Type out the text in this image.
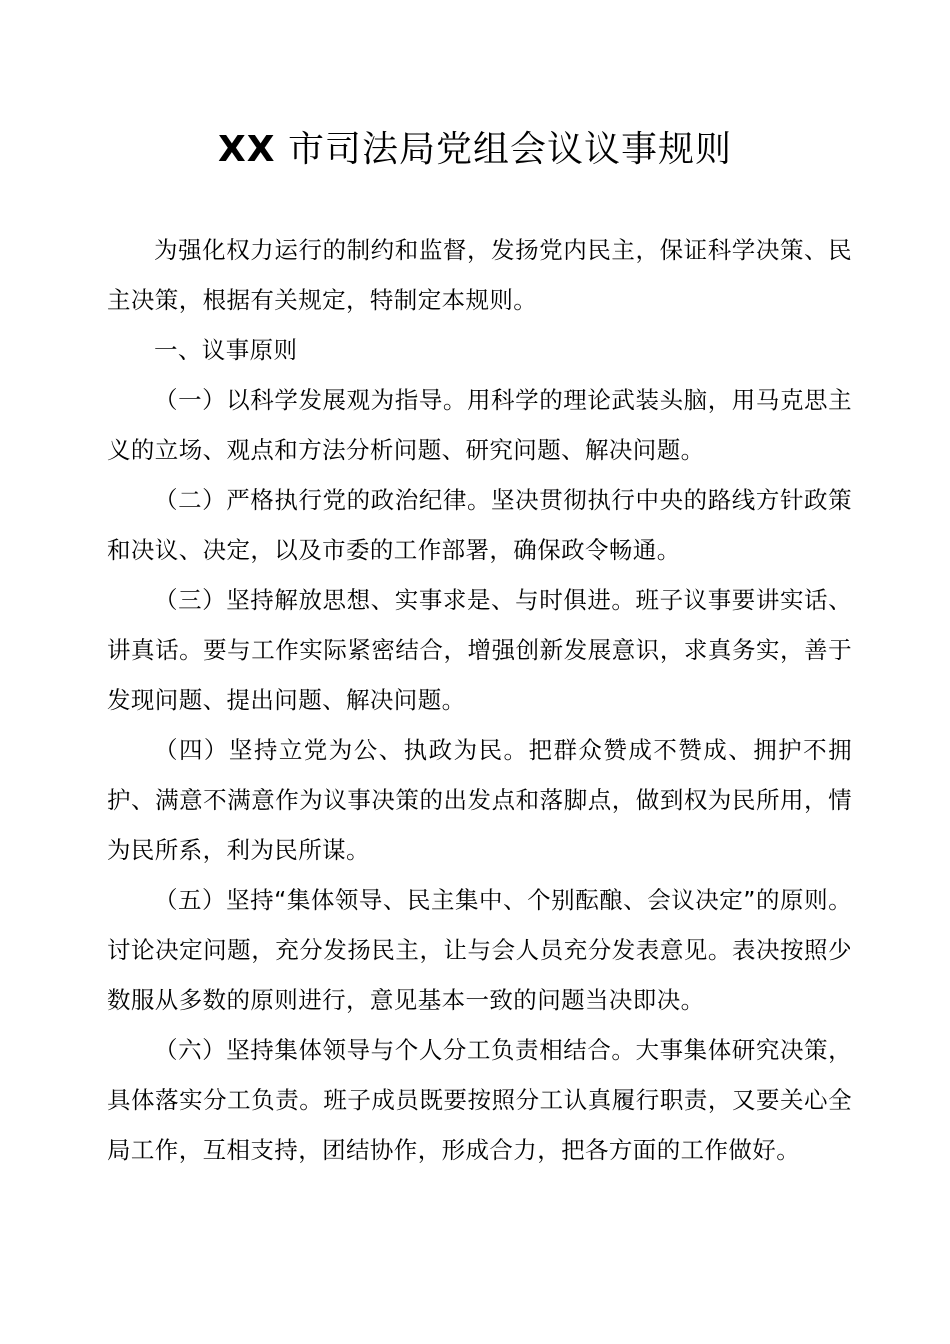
XX 市司法局党组会议议事规则

为强化权力运行的制约和监督，发扬党内民主，保证科学决策、民主决策，根据有关规定，特制定本规则。

一、议事原则

（一）以科学发展观为指导。用科学的理论武装头脑，用马克思主义的立场、观点和方法分析问题、研究问题、解决问题。

（二）严格执行党的政治纪律。坚决贯彻执行中央的路线方针政策和决议、决定，以及市委的工作部署，确保政令畅通。

（三）坚持解放思想、实事求是、与时俱进。班子议事要讲实话、讲真话。要与工作实际紧密结合，增强创新发展意识，求真务实，善于发现问题、提出问题、解决问题。

（四）坚持立党为公、执政为民。把群众赞成不赞成、拥护不拥护、满意不满意作为议事决策的出发点和落脚点，做到权为民所用，情为民所系，利为民所谋。

（五）坚持“集体领导、民主集中、个别酝酿、会议决定”的原则。讨论决定问题，充分发扬民主，让与会人员充分发表意见。表决按照少数服从多数的原则进行，意见基本一致的问题当决即决。

（六）坚持集体领导与个人分工负责相结合。大事集体研究决策，具体落实分工负责。班子成员既要按照分工认真履行职责，又要关心全局工作，互相支持，团结协作，形成合力，把各方面的工作做好。
